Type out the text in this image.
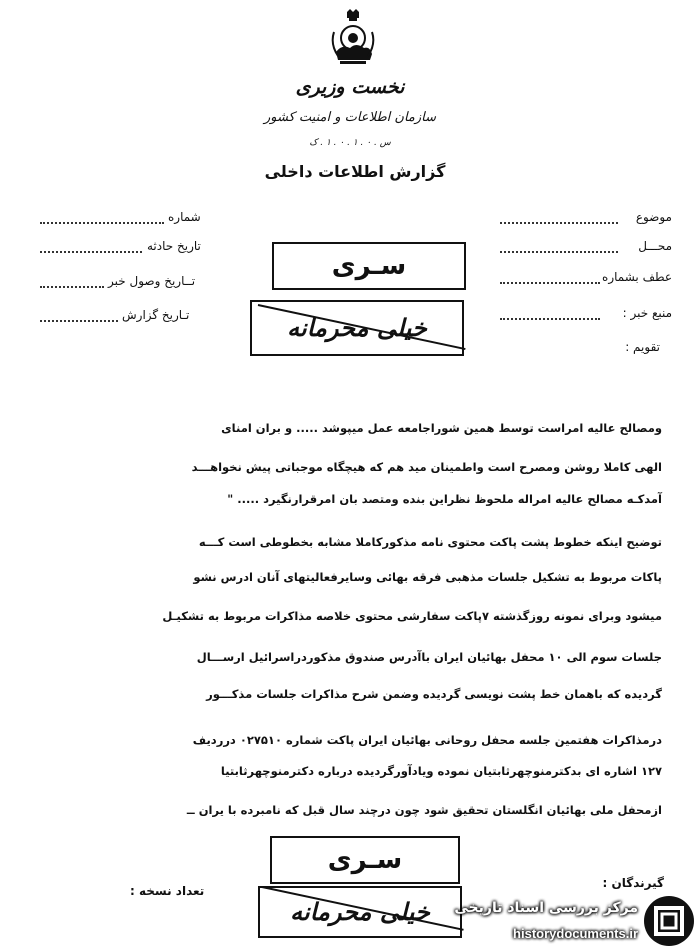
نخست وزیری
سازمان اطلاعات و امنیت کشور
س . ۰ . ۱ . ۰ . ۱ . ک
گزارش اطلاعات داخلی
موضوع
محـــل
عطف بشماره
منبع خبر :
تقویم :
شماره
تاریخ حادثه
تــاریخ وصول خبر
تـاریخ گزارش
سـرى
خیلی محرمانه
ومصالح عالیه امراست توسط همین شوراجامعه عمل میپوشد ..... و بران امنای
الهی کاملا روشن ومصرح است واطمینان مید هم که هیچگاه موجباتی پیش نخواهـــد
آمدکـه مصالح عالیه امراله ملحوظ نظراین بنده ومتصد بان امرقرارنگیرد ..... "
توضیح اینکه خطوط پشت پاکت محتوی نامه مذکورکاملا مشابه بخطوطی است کـــه
پاکات مربوط به تشکیل جلسات مذهبی فرقه بهائی وسایرفعالیتهای آنان ادرس نشو
میشود وبرای نمونه روزگذشته ۷پاکت سفارشی محتوی خلاصه مذاکرات مربوط به تشکیـل
جلسات سوم الی ۱۰ محفل بهائیان ایران باآدرس صندوق مذکوردراسرائیل ارســـال
گردیده که باهمان خط پشت نویسی گردیده وضمن شرح مذاکرات جلسات مذکـــور
درمذاکرات هفتمین جلسه محفل روحانی بهائیان ایران پاکت شماره ۰۲۷۵۱۰ درردیف
۱۲۷ اشاره ای بدکترمنوچهرثابتیان نموده ویادآورگردیده درباره دکترمنوچهرثابتیا
ازمحفل ملی بهائیان انگلستان تحقیق شود چون درچند سال قبل که نامبرده با یران ــ
سـرى
خیلی محرمانه
گیرندگان :
تعداد نسخه :
مرکز بررسی اسناد تاریخی
historydocuments.ir
